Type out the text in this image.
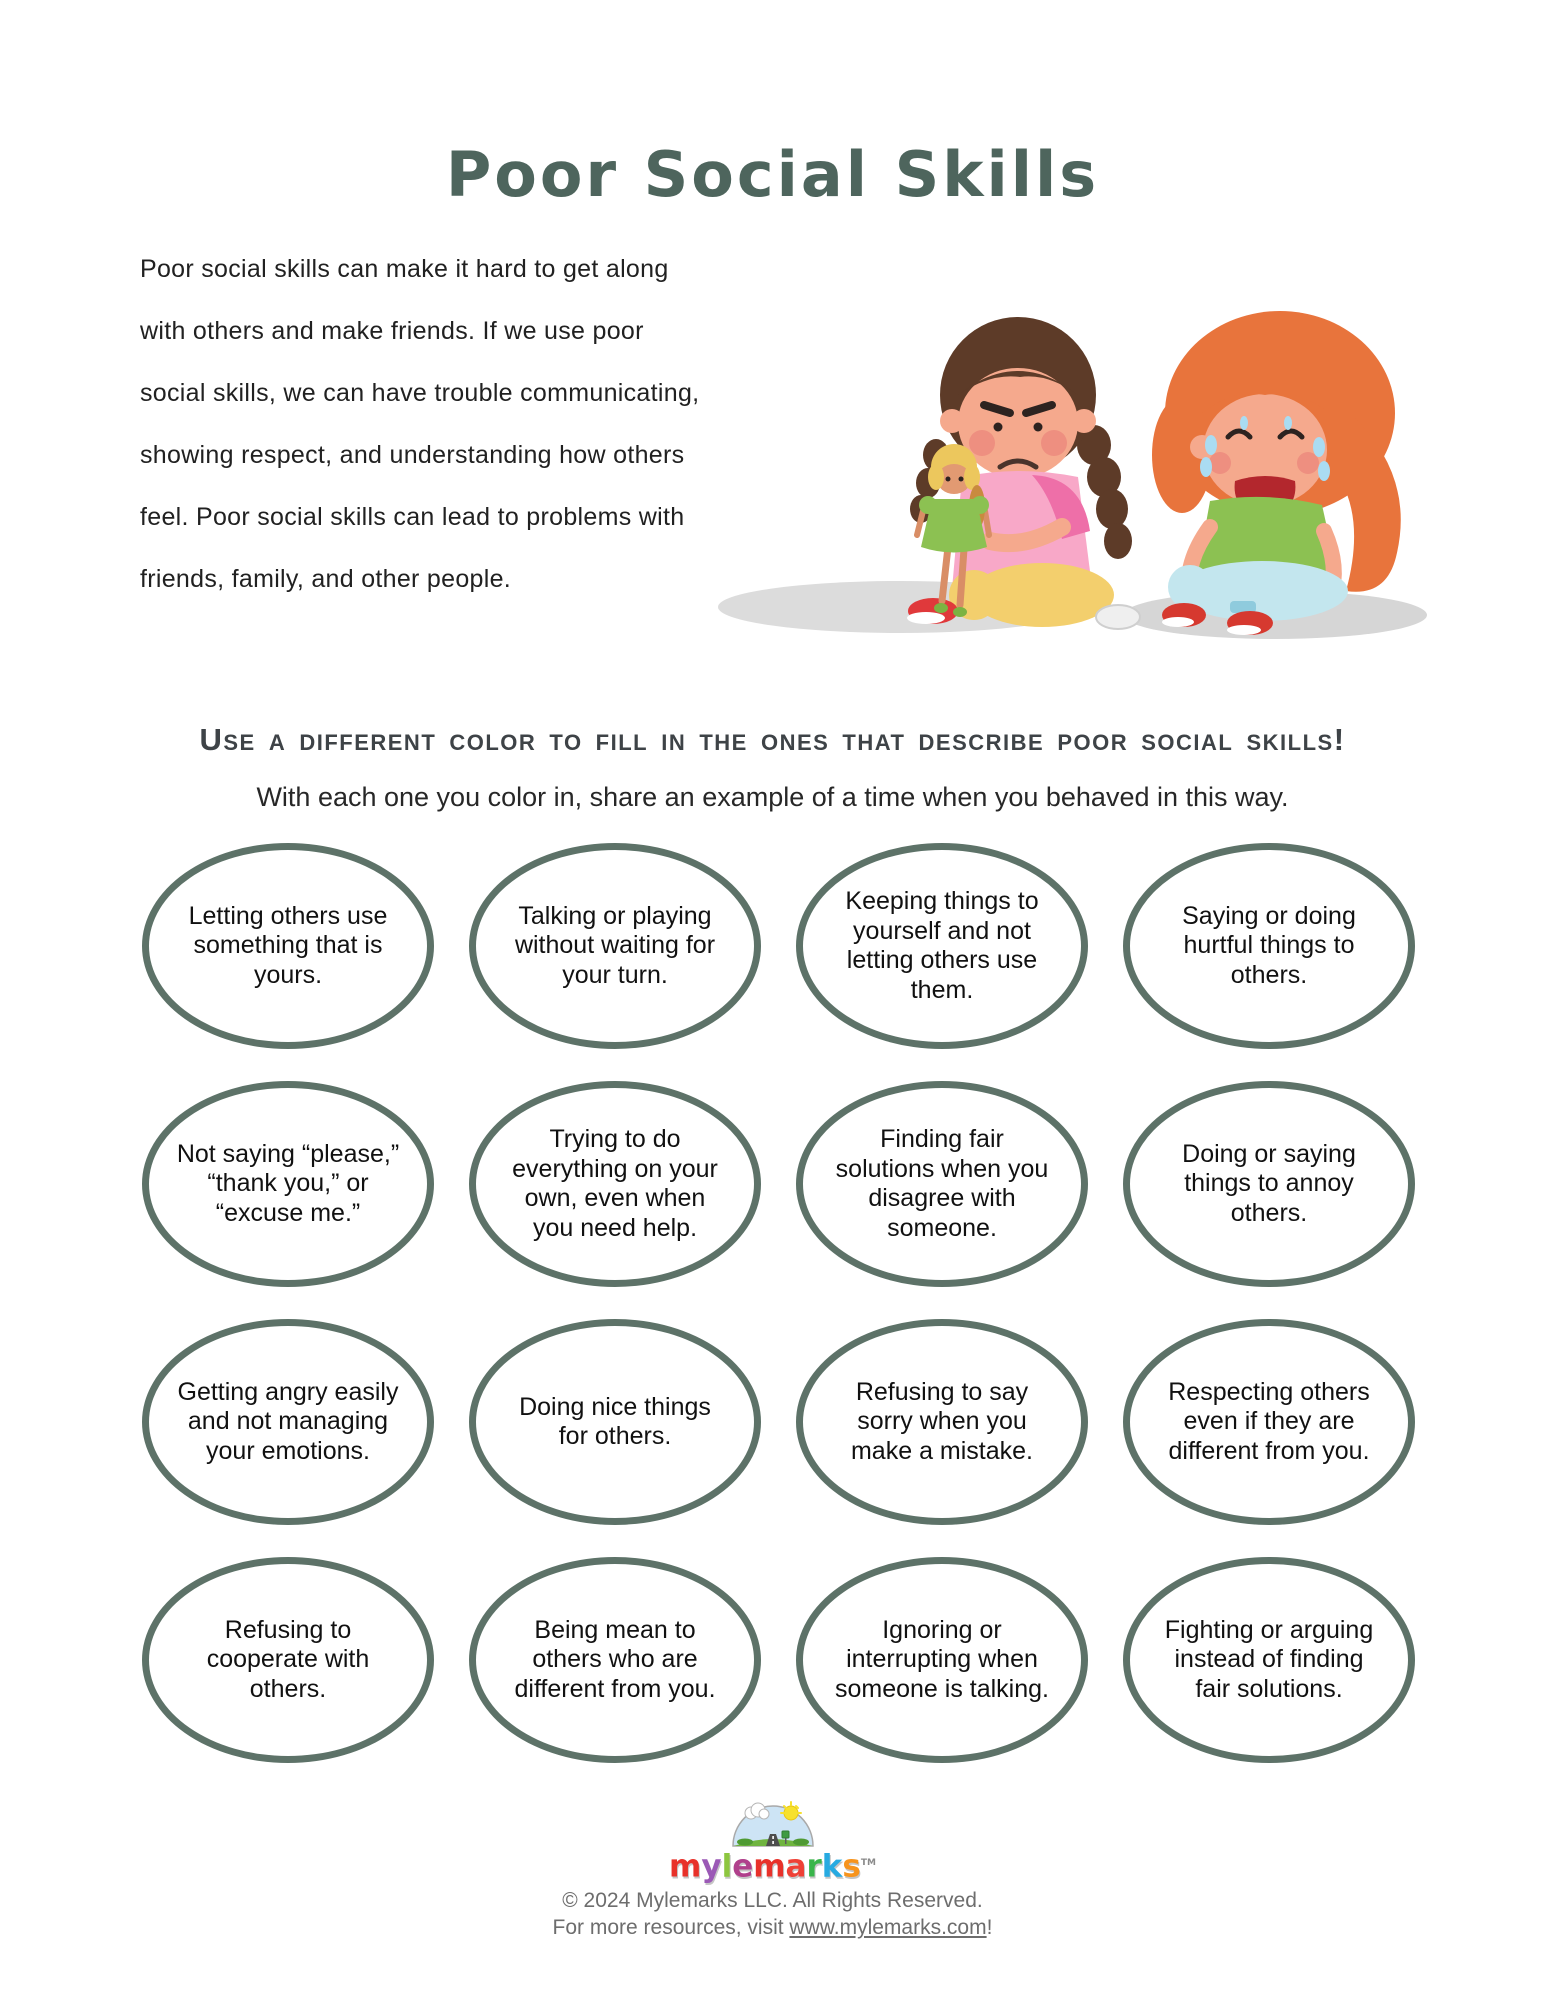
Poor Social Skills
Poor social skills can make it hard to get along with others and make friends. If we use poor social skills, we can have trouble communicating, showing respect, and understanding how others feel. Poor social skills can lead to problems with friends, family, and other people.
Use a different color to fill in the ones that describe poor social skills!
With each one you color in, share an example of a time when you behaved in this way.
Letting others use something that is yours.
Talking or playing without waiting for your turn.
Keeping things to yourself and not letting others use them.
Saying or doing hurtful things to others.
Not saying “please,” “thank you,” or “excuse me.”
Trying to do everything on your own, even when you need help.
Finding fair solutions when you disagree with someone.
Doing or saying things to annoy others.
Getting angry easily and not managing your emotions.
Doing nice things for others.
Refusing to say sorry when you make a mistake.
Respecting others even if they are different from you.
Refusing to cooperate with others.
Being mean to others who are different from you.
Ignoring or interrupting when someone is talking.
Fighting or arguing instead of finding fair solutions.
mylemarks™
© 2024 Mylemarks LLC. All Rights Reserved.
For more resources, visit www.mylemarks.com!
